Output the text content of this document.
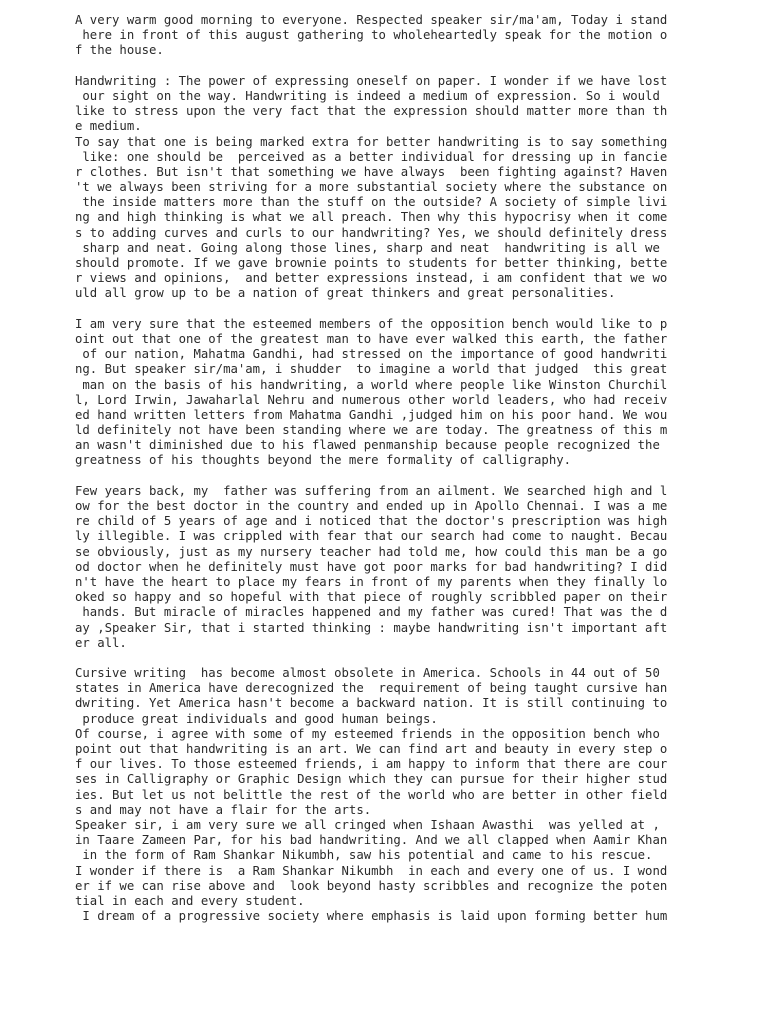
A very warm good morning to everyone. Respected speaker sir/ma'am, Today i stand
here in front of this august gathering to wholeheartedly speak for the motion o
f the house.
Handwriting : The power of expressing oneself on paper. I wonder if we have lost
our sight on the way. Handwriting is indeed a medium of expression. So i would
like to stress upon the very fact that the expression should matter more than th
e medium.
To say that one is being marked extra for better handwriting is to say something
like: one should be  perceived as a better individual for dressing up in fancie
r clothes. But isn't that something we have always  been fighting against? Haven
't we always been striving for a more substantial society where the substance on
the inside matters more than the stuff on the outside? A society of simple livi
ng and high thinking is what we all preach. Then why this hypocrisy when it come
s to adding curves and curls to our handwriting? Yes, we should definitely dress
sharp and neat. Going along those lines, sharp and neat  handwriting is all we
should promote. If we gave brownie points to students for better thinking, bette
r views and opinions,  and better expressions instead, i am confident that we wo
uld all grow up to be a nation of great thinkers and great personalities.
I am very sure that the esteemed members of the opposition bench would like to p
oint out that one of the greatest man to have ever walked this earth, the father
of our nation, Mahatma Gandhi, had stressed on the importance of good handwriti
ng. But speaker sir/ma'am, i shudder  to imagine a world that judged  this great
man on the basis of his handwriting, a world where people like Winston Churchil
l, Lord Irwin, Jawaharlal Nehru and numerous other world leaders, who had receiv
ed hand written letters from Mahatma Gandhi ,judged him on his poor hand. We wou
ld definitely not have been standing where we are today. The greatness of this m
an wasn't diminished due to his flawed penmanship because people recognized the
greatness of his thoughts beyond the mere formality of calligraphy.
Few years back, my  father was suffering from an ailment. We searched high and l
ow for the best doctor in the country and ended up in Apollo Chennai. I was a me
re child of 5 years of age and i noticed that the doctor's prescription was high
ly illegible. I was crippled with fear that our search had come to naught. Becau
se obviously, just as my nursery teacher had told me, how could this man be a go
od doctor when he definitely must have got poor marks for bad handwriting? I did
n't have the heart to place my fears in front of my parents when they finally lo
oked so happy and so hopeful with that piece of roughly scribbled paper on their
hands. But miracle of miracles happened and my father was cured! That was the d
ay ,Speaker Sir, that i started thinking : maybe handwriting isn't important aft
er all.
Cursive writing  has become almost obsolete in America. Schools in 44 out of 50
states in America have derecognized the  requirement of being taught cursive han
dwriting. Yet America hasn't become a backward nation. It is still continuing to
produce great individuals and good human beings.
Of course, i agree with some of my esteemed friends in the opposition bench who
point out that handwriting is an art. We can find art and beauty in every step o
f our lives. To those esteemed friends, i am happy to inform that there are cour
ses in Calligraphy or Graphic Design which they can pursue for their higher stud
ies. But let us not belittle the rest of the world who are better in other field
s and may not have a flair for the arts.
Speaker sir, i am very sure we all cringed when Ishaan Awasthi  was yelled at ,
in Taare Zameen Par, for his bad handwriting. And we all clapped when Aamir Khan
in the form of Ram Shankar Nikumbh, saw his potential and came to his rescue.
I wonder if there is  a Ram Shankar Nikumbh  in each and every one of us. I wond
er if we can rise above and  look beyond hasty scribbles and recognize the poten
tial in each and every student.
I dream of a progressive society where emphasis is laid upon forming better hum
